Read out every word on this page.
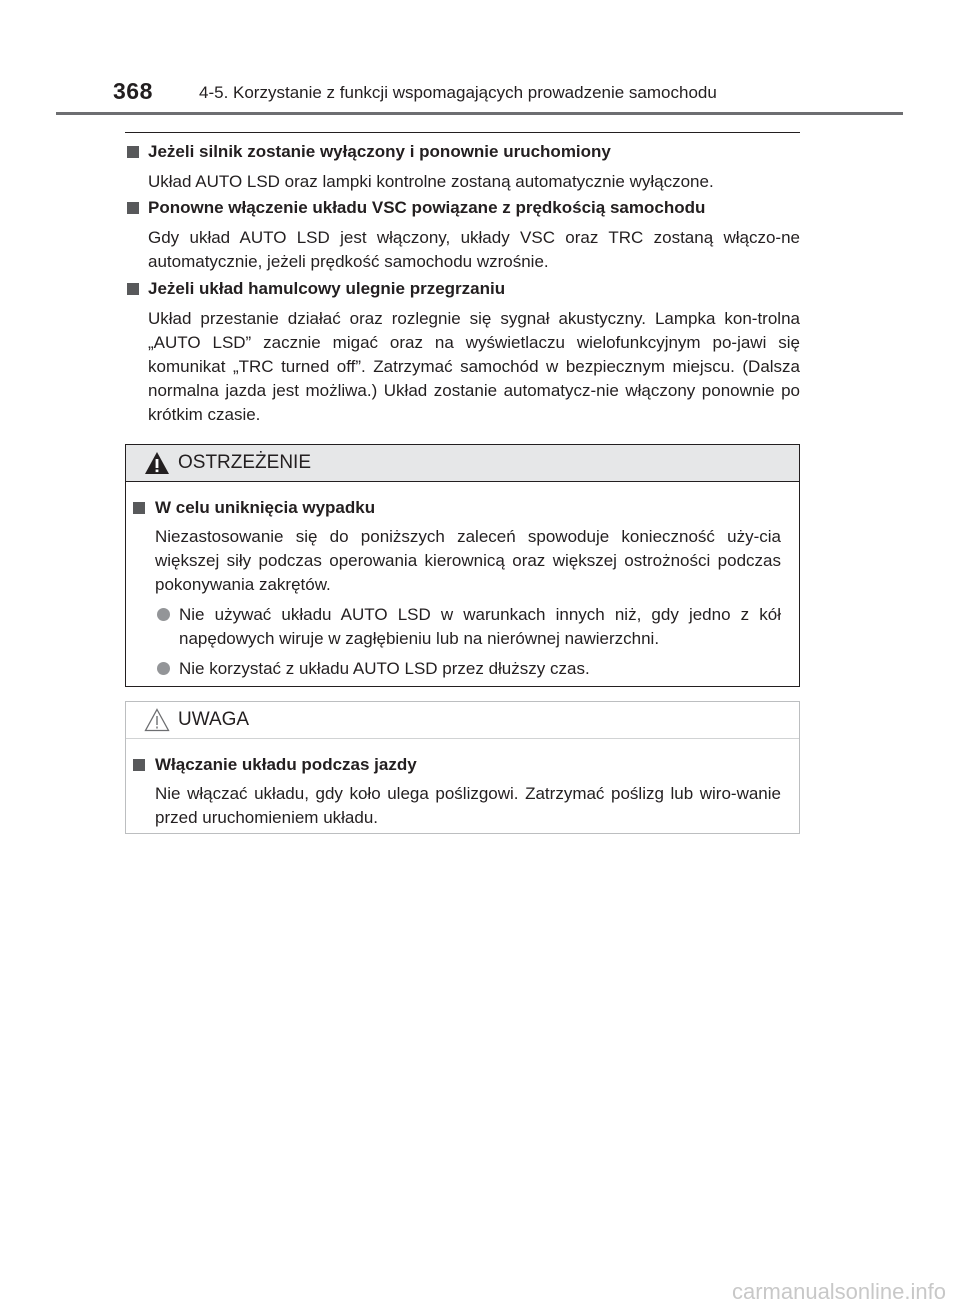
368	4-5. Korzystanie z funkcji wspomagających prowadzenie samochodu
Jeżeli silnik zostanie wyłączony i ponownie uruchomiony
Układ AUTO LSD oraz lampki kontrolne zostaną automatycznie wyłączone.
Ponowne włączenie układu VSC powiązane z prędkością samochodu
Gdy układ AUTO LSD jest włączony, układy VSC oraz TRC zostaną włączo-ne automatycznie, jeżeli prędkość samochodu wzrośnie.
Jeżeli układ hamulcowy ulegnie przegrzaniu
Układ przestanie działać oraz rozlegnie się sygnał akustyczny. Lampka kon-trolna „AUTO LSD” zacznie migać oraz na wyświetlaczu wielofunkcyjnym po-jawi się komunikat „TRC turned off”. Zatrzymać samochód w bezpiecznym miejscu. (Dalsza normalna jazda jest możliwa.) Układ zostanie automatycz-nie włączony ponownie po krótkim czasie.
OSTRZEŻENIE
W celu uniknięcia wypadku
Niezastosowanie się do poniższych zaleceń spowoduje konieczność uży-cia większej siły podczas operowania kierownicą oraz większej ostrożności podczas pokonywania zakrętów.
Nie używać układu AUTO LSD w warunkach innych niż, gdy jedno z kół napędowych wiruje w zagłębieniu lub na nierównej nawierzchni.
Nie korzystać z układu AUTO LSD przez dłuższy czas.
UWAGA
Włączanie układu podczas jazdy
Nie włączać układu, gdy koło ulega poślizgowi. Zatrzymać poślizg lub wiro-wanie przed uruchomieniem układu.
carmanualsonline.info
